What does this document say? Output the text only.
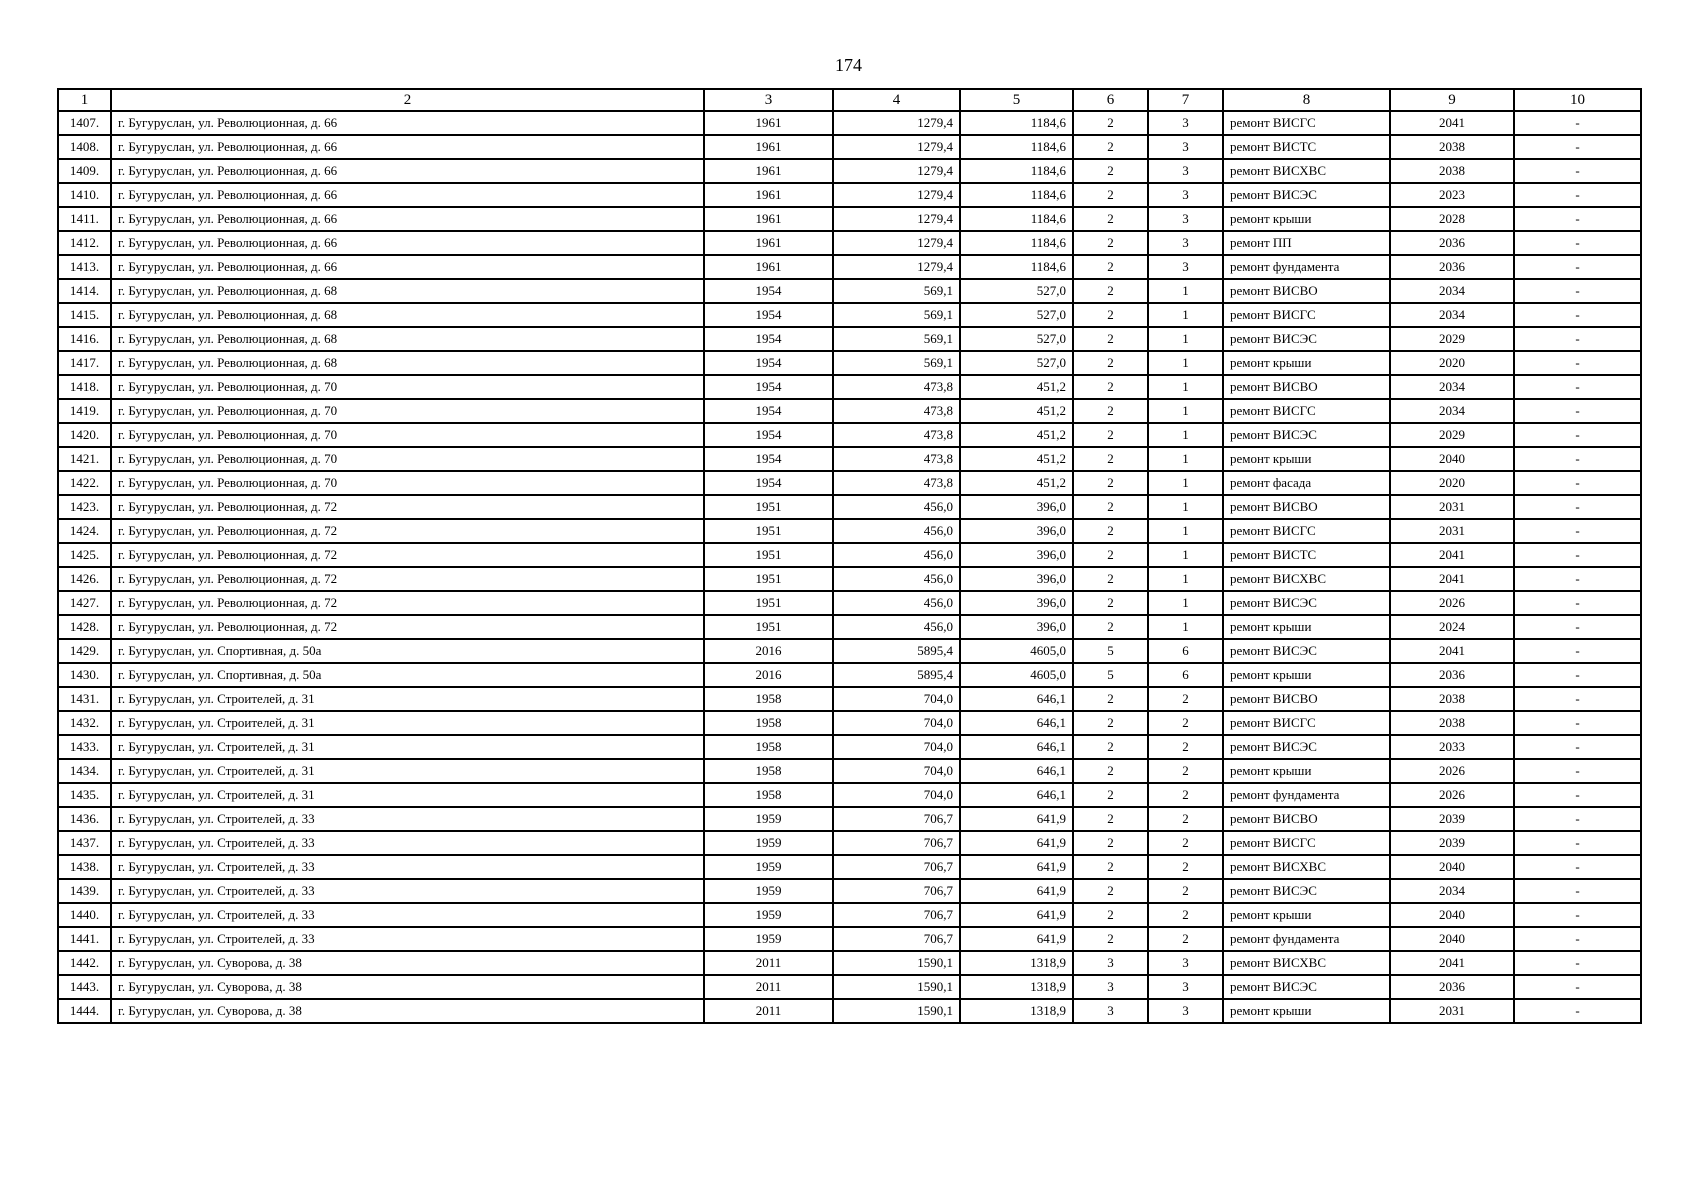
174
1	2	3	4	5	6	7	8	9	10
1407.	г. Бугуруслан, ул. Революционная, д. 66	1961	1279,4	1184,6	2	3	ремонт ВИСГС	2041	-
1408.	г. Бугуруслан, ул. Революционная, д. 66	1961	1279,4	1184,6	2	3	ремонт ВИСТС	2038	-
1409.	г. Бугуруслан, ул. Революционная, д. 66	1961	1279,4	1184,6	2	3	ремонт ВИСХВС	2038	-
1410.	г. Бугуруслан, ул. Революционная, д. 66	1961	1279,4	1184,6	2	3	ремонт ВИСЭС	2023	-
1411.	г. Бугуруслан, ул. Революционная, д. 66	1961	1279,4	1184,6	2	3	ремонт крыши	2028	-
1412.	г. Бугуруслан, ул. Революционная, д. 66	1961	1279,4	1184,6	2	3	ремонт ПП	2036	-
1413.	г. Бугуруслан, ул. Революционная, д. 66	1961	1279,4	1184,6	2	3	ремонт фундамента	2036	-
1414.	г. Бугуруслан, ул. Революционная, д. 68	1954	569,1	527,0	2	1	ремонт ВИСВО	2034	-
1415.	г. Бугуруслан, ул. Революционная, д. 68	1954	569,1	527,0	2	1	ремонт ВИСГС	2034	-
1416.	г. Бугуруслан, ул. Революционная, д. 68	1954	569,1	527,0	2	1	ремонт ВИСЭС	2029	-
1417.	г. Бугуруслан, ул. Революционная, д. 68	1954	569,1	527,0	2	1	ремонт крыши	2020	-
1418.	г. Бугуруслан, ул. Революционная, д. 70	1954	473,8	451,2	2	1	ремонт ВИСВО	2034	-
1419.	г. Бугуруслан, ул. Революционная, д. 70	1954	473,8	451,2	2	1	ремонт ВИСГС	2034	-
1420.	г. Бугуруслан, ул. Революционная, д. 70	1954	473,8	451,2	2	1	ремонт ВИСЭС	2029	-
1421.	г. Бугуруслан, ул. Революционная, д. 70	1954	473,8	451,2	2	1	ремонт крыши	2040	-
1422.	г. Бугуруслан, ул. Революционная, д. 70	1954	473,8	451,2	2	1	ремонт фасада	2020	-
1423.	г. Бугуруслан, ул. Революционная, д. 72	1951	456,0	396,0	2	1	ремонт ВИСВО	2031	-
1424.	г. Бугуруслан, ул. Революционная, д. 72	1951	456,0	396,0	2	1	ремонт ВИСГС	2031	-
1425.	г. Бугуруслан, ул. Революционная, д. 72	1951	456,0	396,0	2	1	ремонт ВИСТС	2041	-
1426.	г. Бугуруслан, ул. Революционная, д. 72	1951	456,0	396,0	2	1	ремонт ВИСХВС	2041	-
1427.	г. Бугуруслан, ул. Революционная, д. 72	1951	456,0	396,0	2	1	ремонт ВИСЭС	2026	-
1428.	г. Бугуруслан, ул. Революционная, д. 72	1951	456,0	396,0	2	1	ремонт крыши	2024	-
1429.	г. Бугуруслан, ул. Спортивная, д. 50а	2016	5895,4	4605,0	5	6	ремонт ВИСЭС	2041	-
1430.	г. Бугуруслан, ул. Спортивная, д. 50а	2016	5895,4	4605,0	5	6	ремонт крыши	2036	-
1431.	г. Бугуруслан, ул. Строителей, д. 31	1958	704,0	646,1	2	2	ремонт ВИСВО	2038	-
1432.	г. Бугуруслан, ул. Строителей, д. 31	1958	704,0	646,1	2	2	ремонт ВИСГС	2038	-
1433.	г. Бугуруслан, ул. Строителей, д. 31	1958	704,0	646,1	2	2	ремонт ВИСЭС	2033	-
1434.	г. Бугуруслан, ул. Строителей, д. 31	1958	704,0	646,1	2	2	ремонт крыши	2026	-
1435.	г. Бугуруслан, ул. Строителей, д. 31	1958	704,0	646,1	2	2	ремонт фундамента	2026	-
1436.	г. Бугуруслан, ул. Строителей, д. 33	1959	706,7	641,9	2	2	ремонт ВИСВО	2039	-
1437.	г. Бугуруслан, ул. Строителей, д. 33	1959	706,7	641,9	2	2	ремонт ВИСГС	2039	-
1438.	г. Бугуруслан, ул. Строителей, д. 33	1959	706,7	641,9	2	2	ремонт ВИСХВС	2040	-
1439.	г. Бугуруслан, ул. Строителей, д. 33	1959	706,7	641,9	2	2	ремонт ВИСЭС	2034	-
1440.	г. Бугуруслан, ул. Строителей, д. 33	1959	706,7	641,9	2	2	ремонт крыши	2040	-
1441.	г. Бугуруслан, ул. Строителей, д. 33	1959	706,7	641,9	2	2	ремонт фундамента	2040	-
1442.	г. Бугуруслан, ул. Суворова, д. 38	2011	1590,1	1318,9	3	3	ремонт ВИСХВС	2041	-
1443.	г. Бугуруслан, ул. Суворова, д. 38	2011	1590,1	1318,9	3	3	ремонт ВИСЭС	2036	-
1444.	г. Бугуруслан, ул. Суворова, д. 38	2011	1590,1	1318,9	3	3	ремонт крыши	2031	-
